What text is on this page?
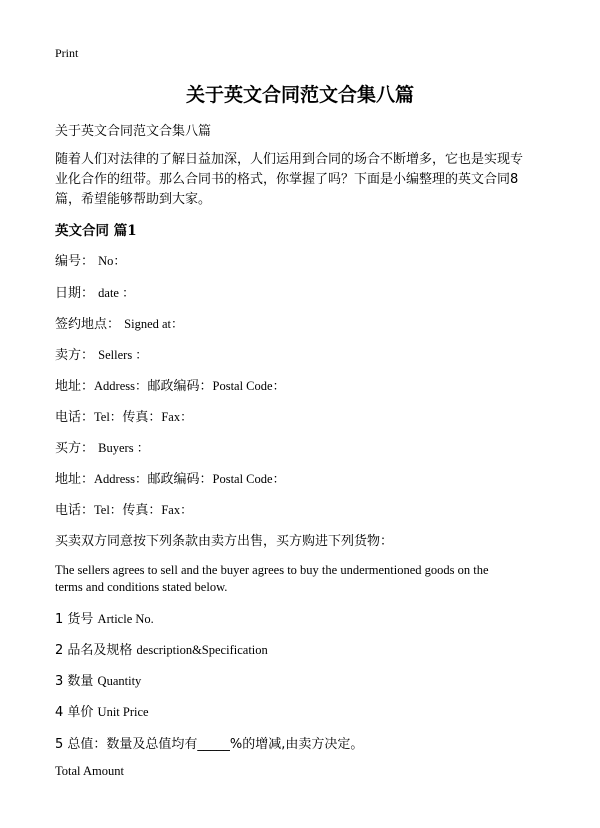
Print
关于英文合同范文合集八篇
关于英文合同范文合集八篇
随着人们对法律的了解日益加深，人们运用到合同的场合不断增多，它也是实现专
业化合作的纽带。那么合同书的格式，你掌握了吗？下面是小编整理的英文合同8
篇，希望能够帮助到大家。
英文合同 篇1
编号： No：
日期： date ：
签约地点： Signed at：
卖方： Sellers ：
地址：Address：邮政编码：Postal Code：
电话：Tel：传真：Fax：
买方： Buyers ：
地址：Address：邮政编码：Postal Code：
电话：Tel：传真：Fax：
买卖双方同意按下列条款由卖方出售，买方购进下列货物：
The sellers agrees to sell and the buyer agrees to buy the undermentioned goods on the
terms and conditions stated below.
1 货号 Article No.
2 品名及规格 description&Specification
3 数量 Quantity
4 单价 Unit Price
5 总值：数量及总值均有_____%的增减,由卖方决定。
Total Amount
